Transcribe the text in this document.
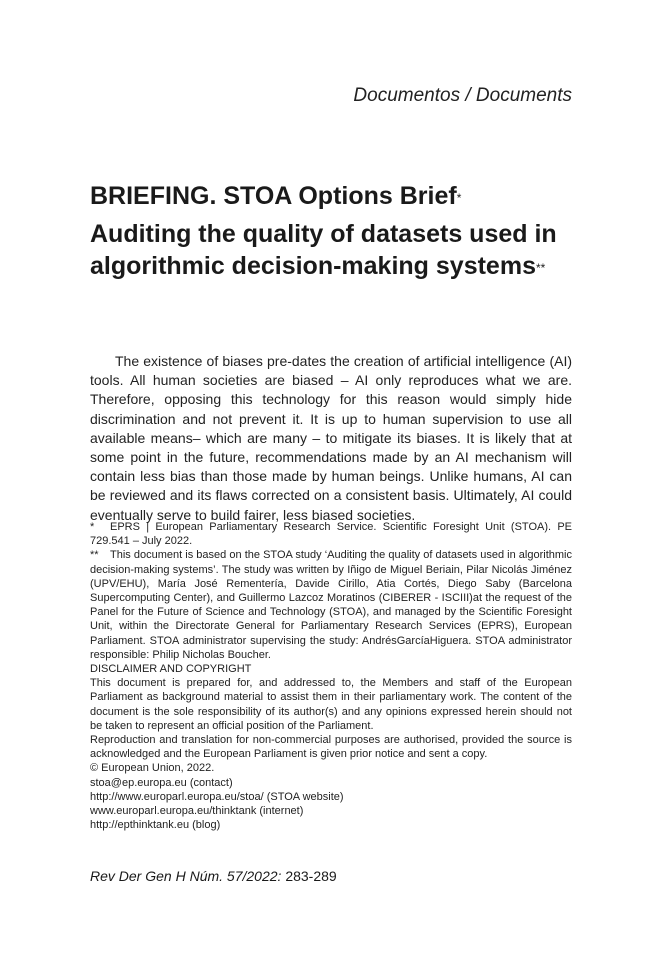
Documentos / Documents
BRIEFING. STOA Options Brief*
Auditing the quality of datasets used in algorithmic decision-making systems**
The existence of biases pre-dates the creation of artificial intelligence (AI) tools. All human societies are biased – AI only reproduces what we are. Therefore, opposing this technology for this reason would simply hide discrimination and not prevent it. It is up to human supervision to use all available means– which are many – to mitigate its biases. It is likely that at some point in the future, recommendations made by an AI mechanism will contain less bias than those made by human beings. Unlike humans, AI can be reviewed and its flaws corrected on a consistent basis. Ultimately, AI could eventually serve to build fairer, less biased societies.

* EPRS | European Parliamentary Research Service. Scientific Foresight Unit (STOA). PE 729.541 – July 2022.

** This document is based on the STOA study ‘Auditing the quality of datasets used in algorithmic decision-making systems’. The study was written by Iñigo de Miguel Beriain, Pilar Nicolás Jiménez (UPV/EHU), María José Rementería, Davide Cirillo, Atia Cortés, Diego Saby (Barcelona Supercomputing Center), and Guillermo Lazcoz Moratinos (CIBERER - ISCIII)at the request of the Panel for the Future of Science and Technology (STOA), and managed by the Scientific Foresight Unit, within the Directorate General for Parliamentary Research Services (EPRS), European Parliament. STOA administrator supervising the study: AndrésGarcíaHiguera. STOA administrator responsible: Philip Nicholas Boucher.

DISCLAIMER AND COPYRIGHT

This document is prepared for, and addressed to, the Members and staff of the European Parliament as background material to assist them in their parliamentary work. The content of the document is the sole responsibility of its author(s) and any opinions expressed herein should not be taken to represent an official position of the Parliament.

Reproduction and translation for non-commercial purposes are authorised, provided the source is acknowledged and the European Parliament is given prior notice and sent a copy.

© European Union, 2022.

stoa@ep.europa.eu (contact)

http://www.europarl.europa.eu/stoa/ (STOA website)

www.europarl.europa.eu/thinktank (internet)

http://epthinktank.eu (blog)

Rev Der Gen H Núm. 57/2022: 283-289
